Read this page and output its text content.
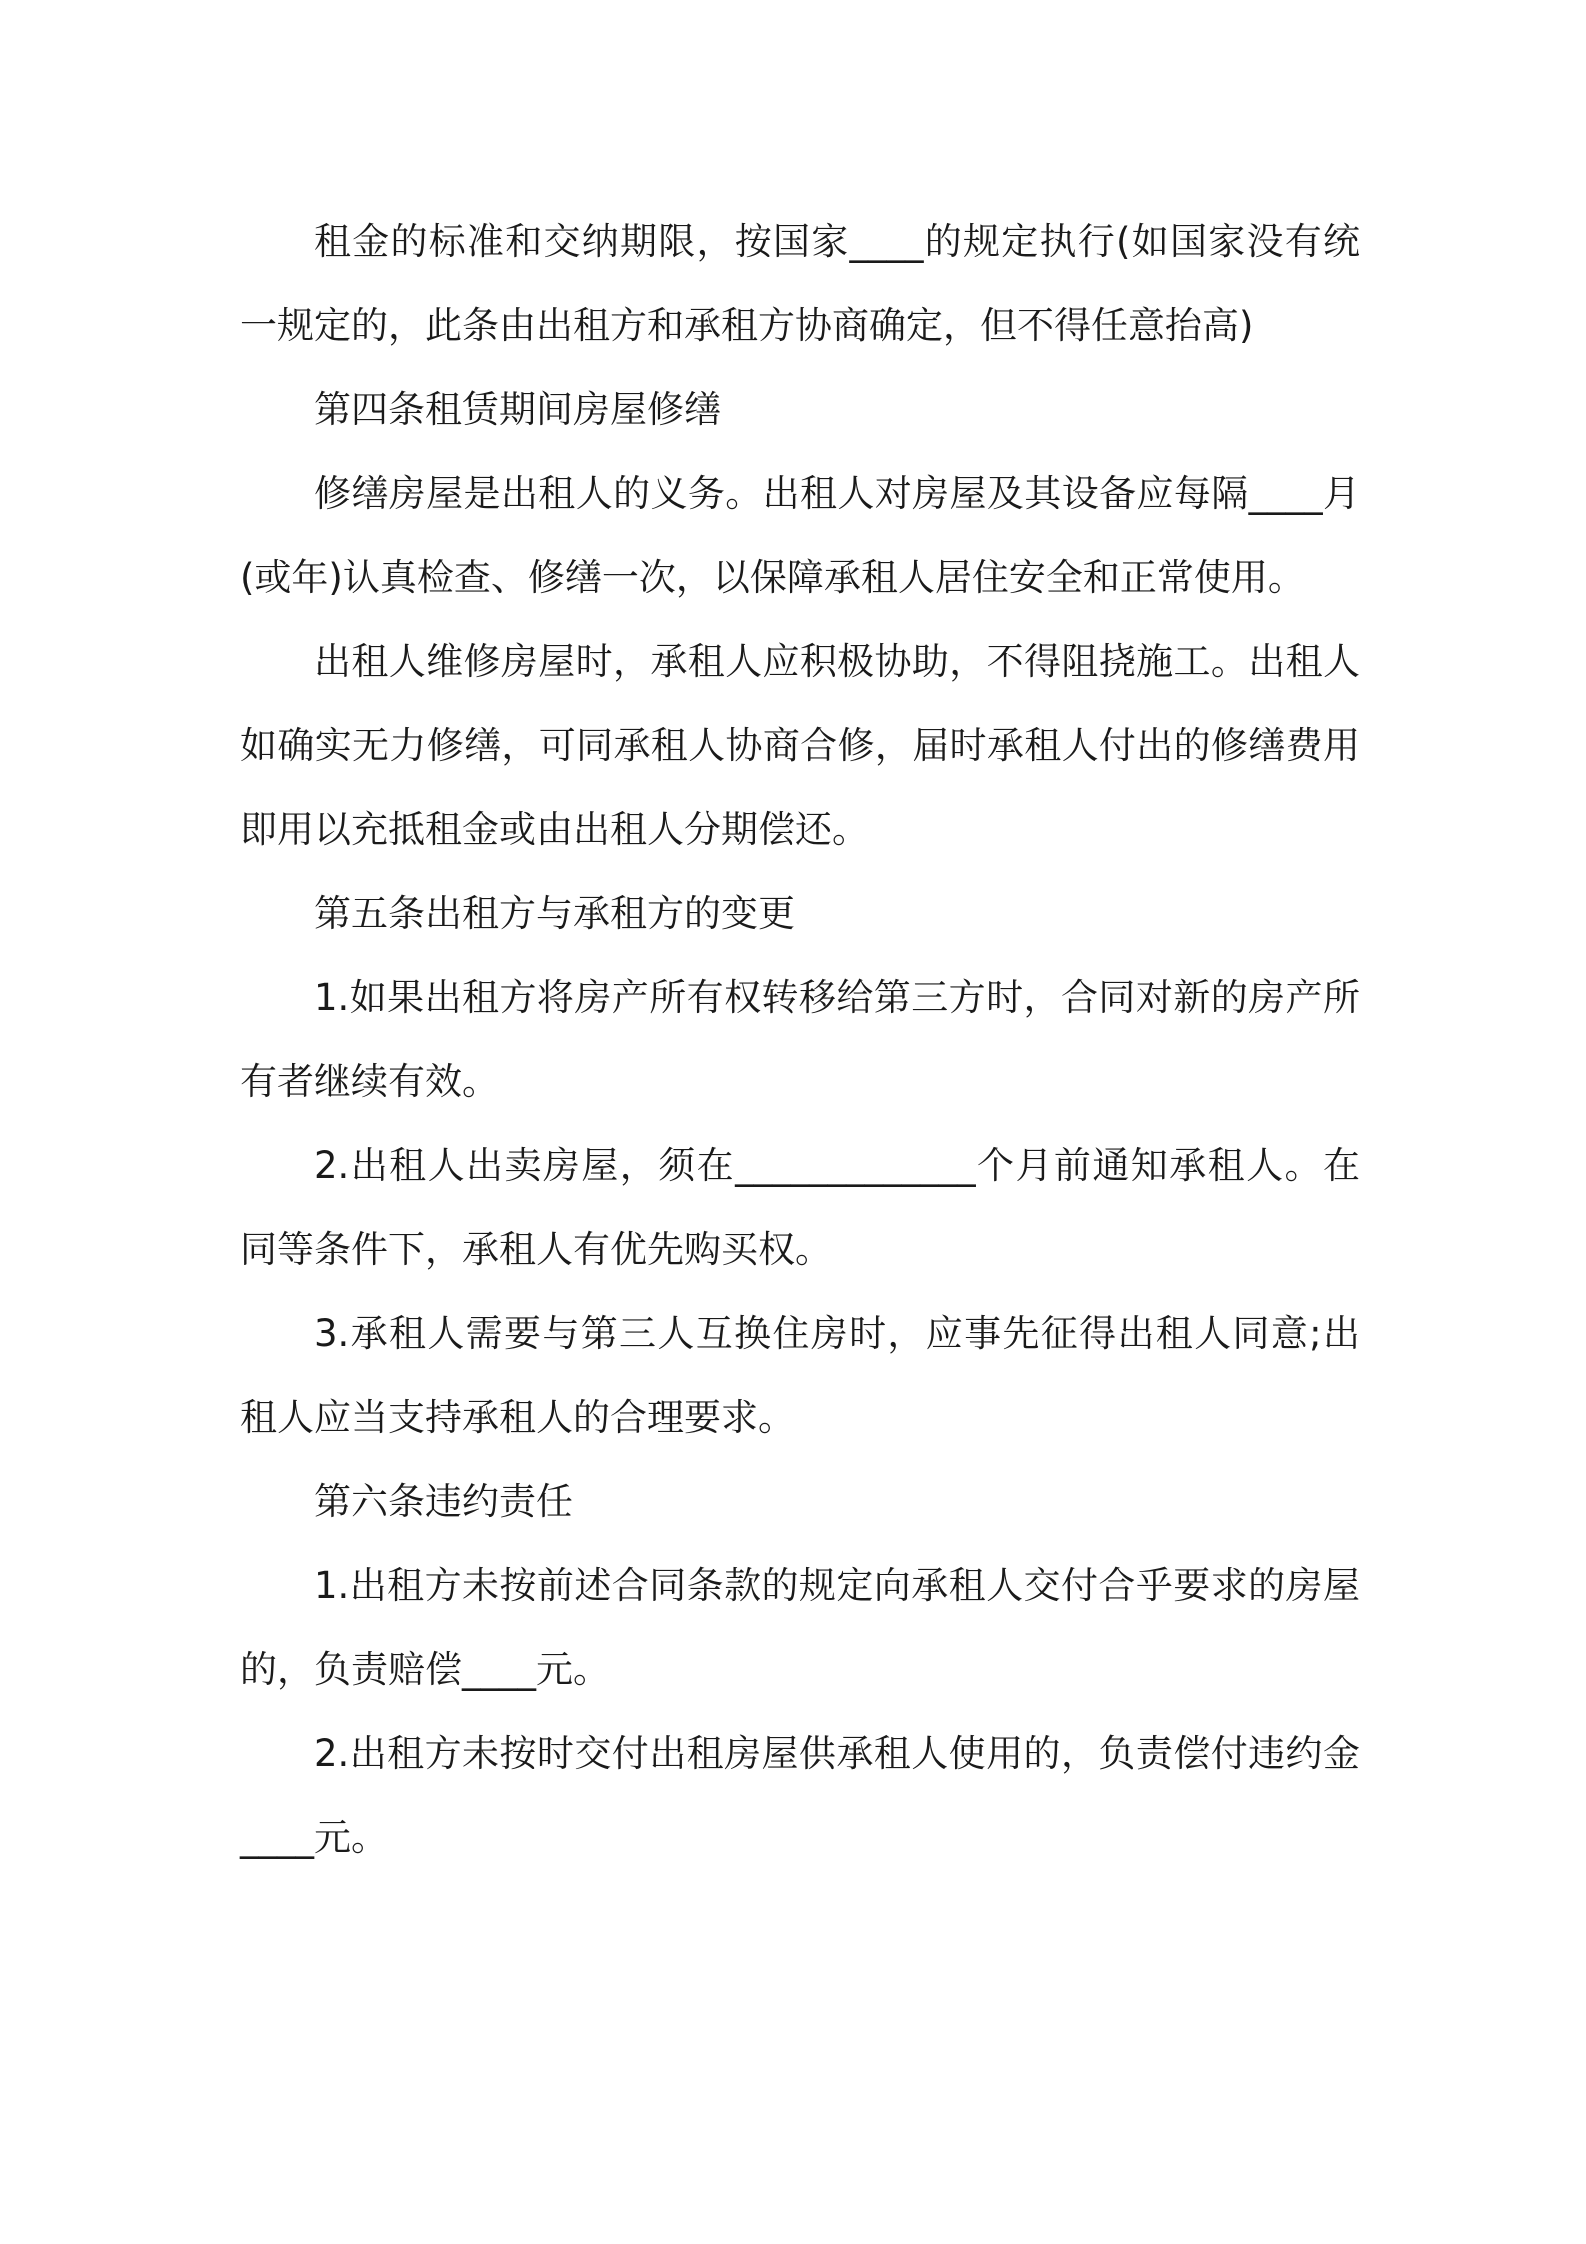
租金的标准和交纳期限，按国家____的规定执行(如国家没有统一规定的，此条由出租方和承租方协商确定，但不得任意抬高)

第四条租赁期间房屋修缮

修缮房屋是出租人的义务。出租人对房屋及其设备应每隔____月(或年)认真检查、修缮一次，以保障承租人居住安全和正常使用。

出租人维修房屋时，承租人应积极协助，不得阻挠施工。出租人如确实无力修缮，可同承租人协商合修，届时承租人付出的修缮费用即用以充抵租金或由出租人分期偿还。

第五条出租方与承租方的变更

1.如果出租方将房产所有权转移给第三方时，合同对新的房产所有者继续有效。

2.出租人出卖房屋，须在_____________个月前通知承租人。在同等条件下，承租人有优先购买权。

3.承租人需要与第三人互换住房时，应事先征得出租人同意;出租人应当支持承租人的合理要求。

第六条违约责任

1.出租方未按前述合同条款的规定向承租人交付合乎要求的房屋的，负责赔偿____元。

2.出租方未按时交付出租房屋供承租人使用的，负责偿付违约金____元。
